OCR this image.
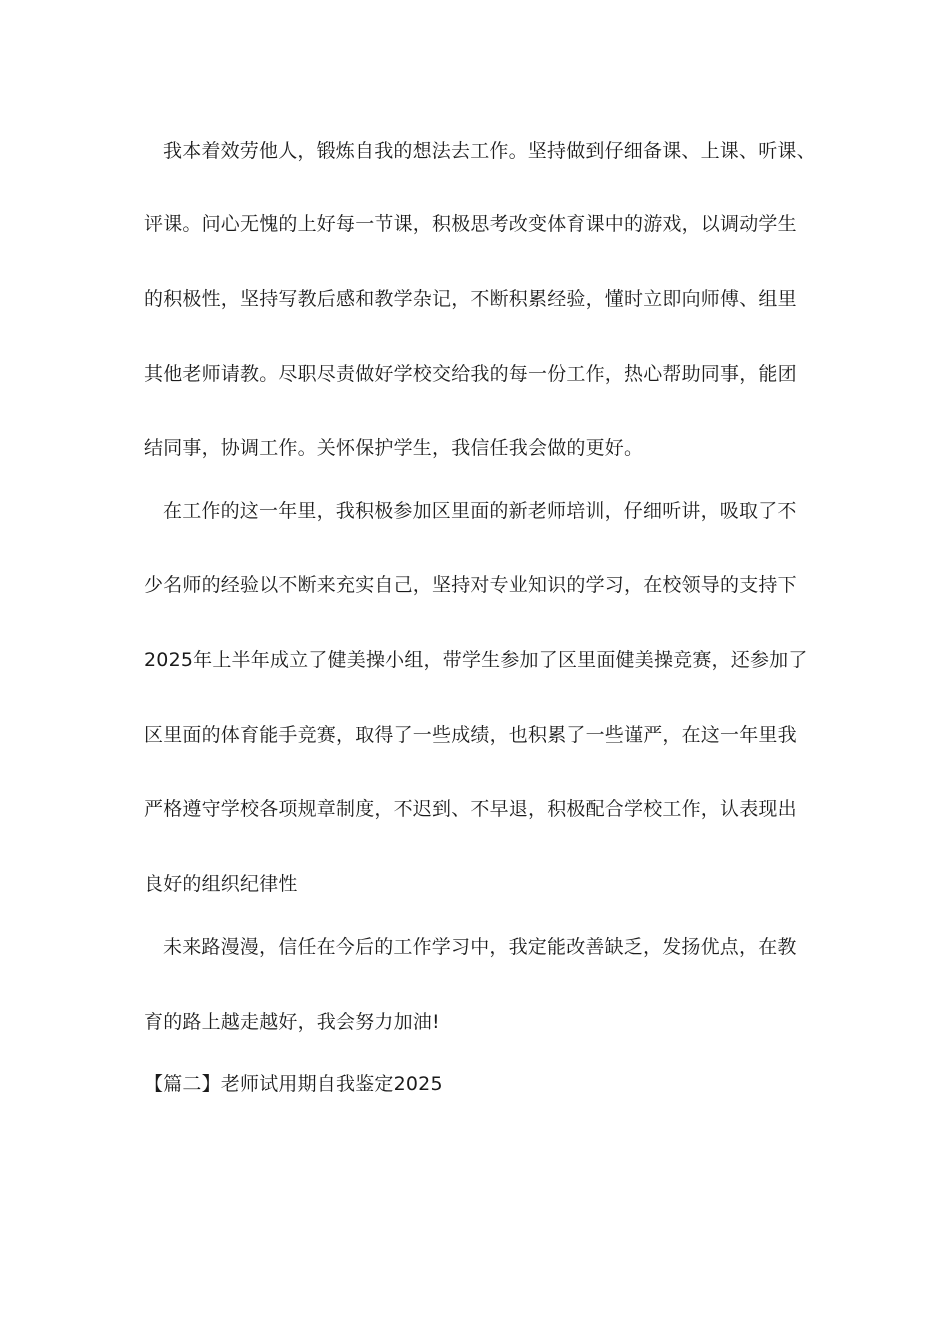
我本着效劳他人，锻炼自我的想法去工作。坚持做到仔细备课、上课、听课、
评课。问心无愧的上好每一节课，积极思考改变体育课中的游戏，以调动学生
的积极性，坚持写教后感和教学杂记，不断积累经验，懂时立即向师傅、组里
其他老师请教。尽职尽责做好学校交给我的每一份工作，热心帮助同事，能团
结同事，协调工作。关怀保护学生，我信任我会做的更好。
在工作的这一年里，我积极参加区里面的新老师培训，仔细听讲，吸取了不
少名师的经验以不断来充实自己，坚持对专业知识的学习，在校领导的支持下
2025年上半年成立了健美操小组，带学生参加了区里面健美操竞赛，还参加了
区里面的体育能手竞赛，取得了一些成绩，也积累了一些谨严，在这一年里我
严格遵守学校各项规章制度，不迟到、不早退，积极配合学校工作，认表现出
良好的组织纪律性
未来路漫漫，信任在今后的工作学习中，我定能改善缺乏，发扬优点，在教
育的路上越走越好，我会努力加油!
【篇二】老师试用期自我鉴定2025
